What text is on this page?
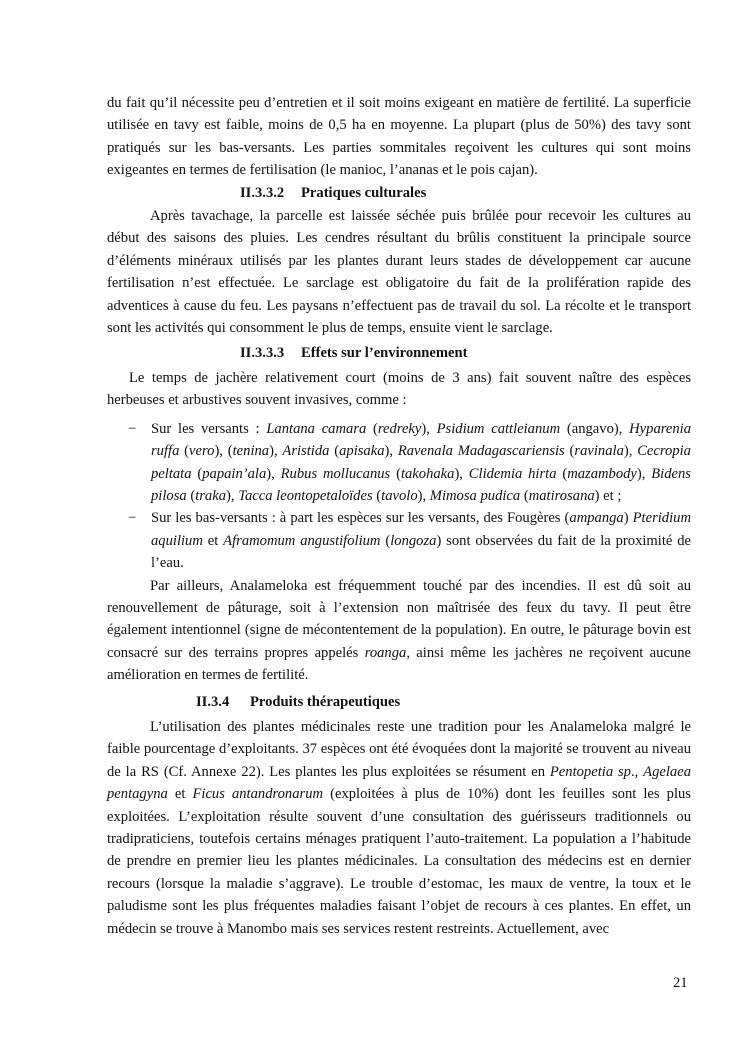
du fait qu’il nécessite peu d’entretien et il soit moins exigeant en matière de fertilité. La superficie utilisée en tavy est faible, moins de 0,5 ha en moyenne. La plupart (plus de 50%) des tavy sont pratiqués sur les bas-versants. Les parties sommitales reçoivent les cultures qui sont moins exigeantes en termes de fertilisation (le manioc, l’ananas et le pois cajan).

II.3.3.2 Pratiques culturales

Après tavachage, la parcelle est laissée séchée puis brûlée pour recevoir les cultures au début des saisons des pluies. Les cendres résultant du brûlis constituent la principale source d’éléments minéraux utilisés par les plantes durant leurs stades de développement car aucune fertilisation n’est effectuée. Le sarclage est obligatoire du fait de la prolifération rapide des adventices à cause du feu. Les paysans n’effectuent pas de travail du sol. La récolte et le transport sont les activités qui consomment le plus de temps, ensuite vient le sarclage.

II.3.3.3 Effets sur l’environnement

Le temps de jachère relativement court (moins de 3 ans) fait souvent naître des espèces herbeuses et arbustives souvent invasives, comme :

− Sur les versants : Lantana camara (redreky), Psidium cattleianum (angavo), Hyparenia ruffa (vero), (tenina), Aristida (apisaka), Ravenala Madagascariensis (ravinala), Cecropia peltata (papain’ala), Rubus mollucanus (takohaka), Clidemia hirta (mazambody), Bidens pilosa (traka), Tacca leontopetaloïdes (tavolo), Mimosa pudica (matirosana) et ;
− Sur les bas-versants : à part les espèces sur les versants, des Fougères (ampanga) Pteridium aquilium et Aframomum angustifolium (longoza) sont observées du fait de la proximité de l’eau.

Par ailleurs, Analameloka est fréquemment touché par des incendies. Il est dû soit au renouvellement de pâturage, soit à l’extension non maîtrisée des feux du tavy. Il peut être également intentionnel (signe de mécontentement de la population). En outre, le pâturage bovin est consacré sur des terrains propres appelés roanga, ainsi même les jachères ne reçoivent aucune amélioration en termes de fertilité.

II.3.4 Produits thérapeutiques

L’utilisation des plantes médicinales reste une tradition pour les Analameloka malgré le faible pourcentage d’exploitants. 37 espèces ont été évoquées dont la majorité se trouvent au niveau de la RS (Cf. Annexe 22). Les plantes les plus exploitées se résument en Pentopetia sp., Agelaea pentagyna et Ficus antandronarum (exploitées à plus de 10%) dont les feuilles sont les plus exploitées. L’exploitation résulte souvent d’une consultation des guérisseurs traditionnels ou tradipraticiens, toutefois certains ménages pratiquent l’auto-traitement. La population a l’habitude de prendre en premier lieu les plantes médicinales. La consultation des médecins est en dernier recours (lorsque la maladie s’aggrave). Le trouble d’estomac, les maux de ventre, la toux et le paludisme sont les plus fréquentes maladies faisant l’objet de recours à ces plantes. En effet, un médecin se trouve à Manombo mais ses services restent restreints. Actuellement, avec

21
